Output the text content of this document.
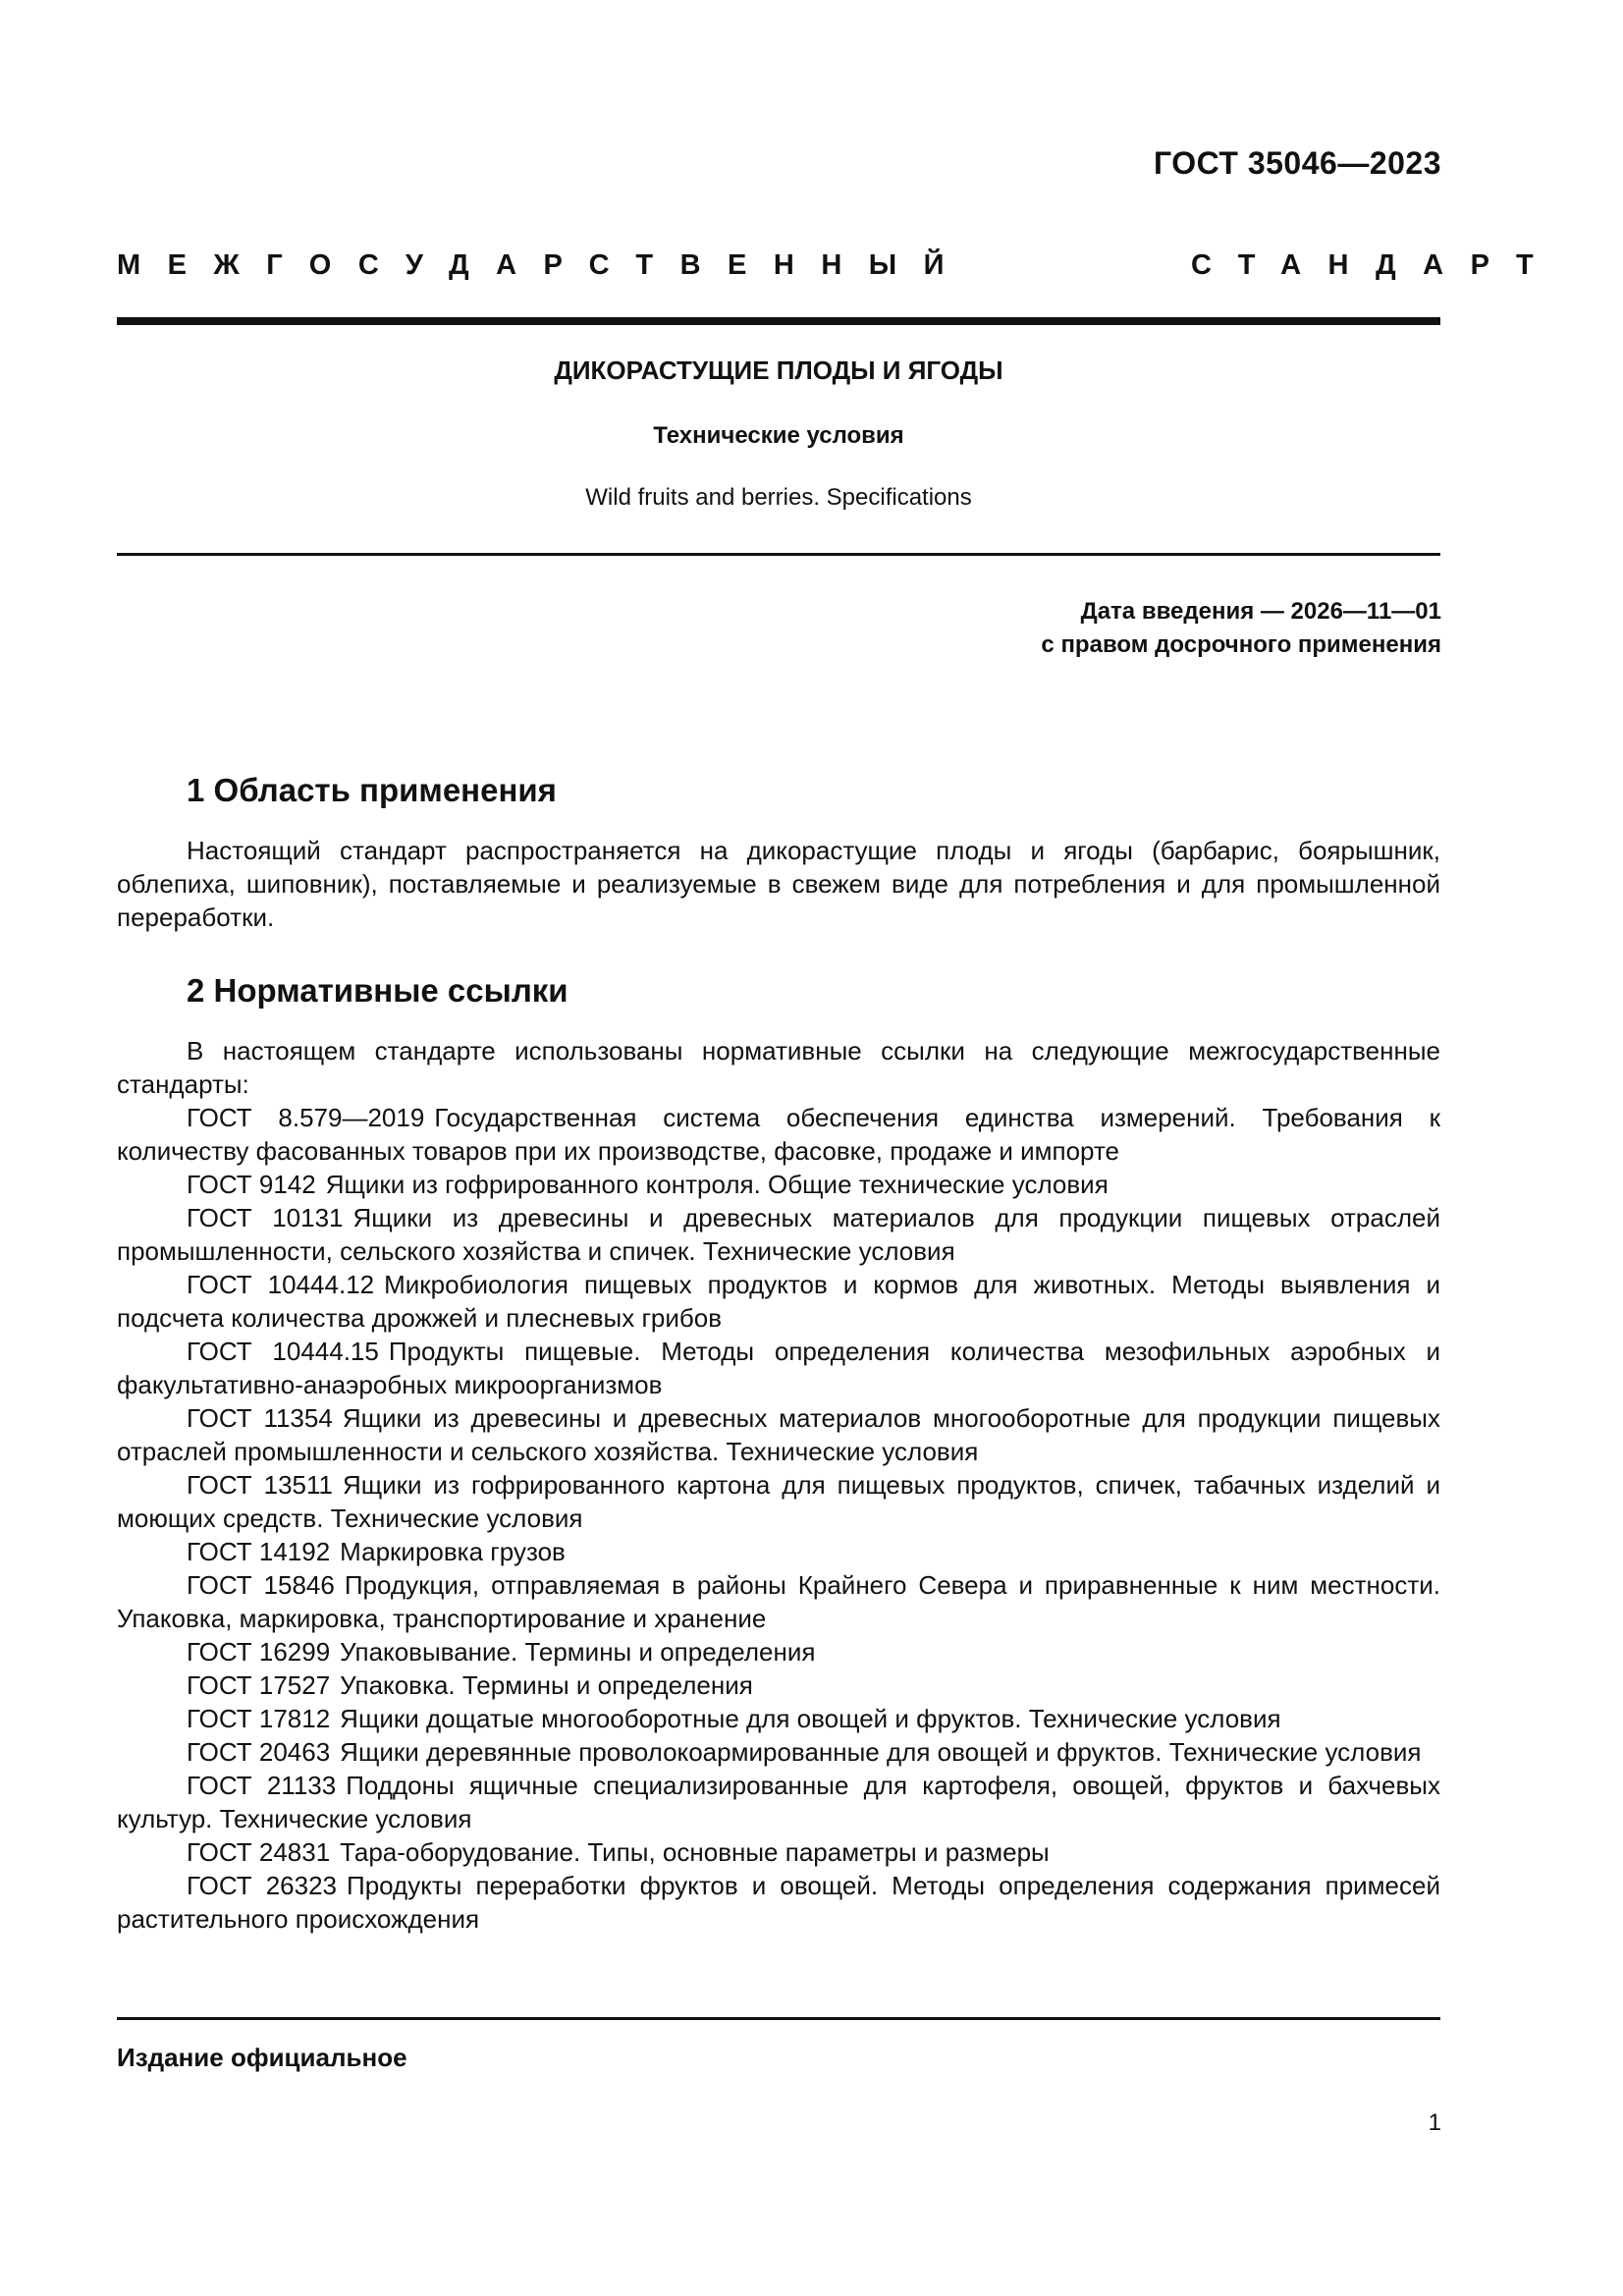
ГОСТ 35046—2023
МЕЖГОСУДАРСТВЕННЫЙ	СТАНДАРТ
ДИКОРАСТУЩИЕ ПЛОДЫ И ЯГОДЫ
Технические условия
Wild fruits and berries. Specifications
Дата введения — 2026—11—01
с правом досрочного применения
1 Область применения

Настоящий стандарт распространяется на дикорастущие плоды и ягоды (барбарис, боярышник, облепиха, шиповник), поставляемые и реализуемые в свежем виде для потребления и для промышленной переработки.

2 Нормативные ссылки

В настоящем стандарте использованы нормативные ссылки на следующие межгосударственные стандарты:

ГОСТ 8.579—2019 Государственная система обеспечения единства измерений. Требования к количеству фасованных товаров при их производстве, фасовке, продаже и импорте

ГОСТ 9142 Ящики из гофрированного контроля. Общие технические условия

ГОСТ 10131 Ящики из древесины и древесных материалов для продукции пищевых отраслей промышленности, сельского хозяйства и спичек. Технические условия

ГОСТ 10444.12 Микробиология пищевых продуктов и кормов для животных. Методы выявления и подсчета количества дрожжей и плесневых грибов

ГОСТ 10444.15 Продукты пищевые. Методы определения количества мезофильных аэробных и факультативно-анаэробных микроорганизмов

ГОСТ 11354 Ящики из древесины и древесных материалов многооборотные для продукции пищевых отраслей промышленности и сельского хозяйства. Технические условия

ГОСТ 13511 Ящики из гофрированного картона для пищевых продуктов, спичек, табачных изделий и моющих средств. Технические условия

ГОСТ 14192 Маркировка грузов

ГОСТ 15846 Продукция, отправляемая в районы Крайнего Севера и приравненные к ним местности. Упаковка, маркировка, транспортирование и хранение

ГОСТ 16299 Упаковывание. Термины и определения

ГОСТ 17527 Упаковка. Термины и определения

ГОСТ 17812 Ящики дощатые многооборотные для овощей и фруктов. Технические условия

ГОСТ 20463 Ящики деревянные проволокоармированные для овощей и фруктов. Технические условия

ГОСТ 21133 Поддоны ящичные специализированные для картофеля, овощей, фруктов и бахчевых культур. Технические условия

ГОСТ 24831 Тара-оборудование. Типы, основные параметры и размеры

ГОСТ 26323 Продукты переработки фруктов и овощей. Методы определения содержания примесей растительного происхождения

Издание официальное
1
